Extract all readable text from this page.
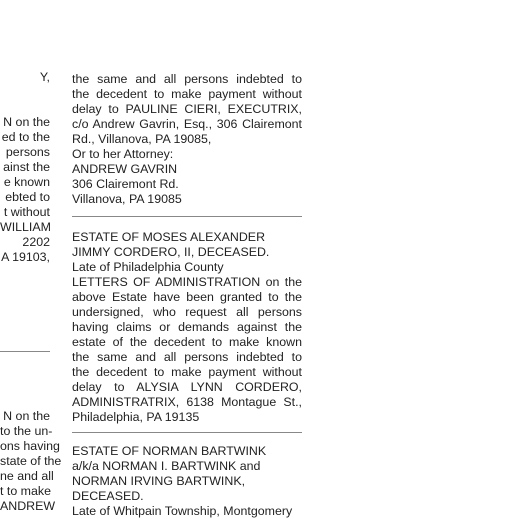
Y,

N on the
ed to the
persons
ainst the
e known
ebted to
t without
WILLIAM
2202
A 19103,
N on the
to the un-
ons having
state of the
ne and all
t to make
ANDREW
the same and all persons indebted to
the decedent to make payment without
delay to PAULINE CIERI, EXECUTRIX,
c/o Andrew Gavrin, Esq., 306 Clairemont
Rd., Villanova, PA 19085,
Or to her Attorney:
ANDREW GAVRIN
306 Clairemont Rd.
Villanova, PA 19085
ESTATE OF MOSES ALEXANDER
JIMMY CORDERO, II, DECEASED.
Late of Philadelphia County
LETTERS OF ADMINISTRATION on the
above Estate have been granted to the
undersigned, who request all persons
having claims or demands against the
estate of the decedent to make known
the same and all persons indebted to
the decedent to make payment without
delay to ALYSIA LYNN CORDERO,
ADMINISTRATRIX, 6138 Montague St.,
Philadelphia, PA 19135
ESTATE OF NORMAN BARTWINK
a/k/a NORMAN I. BARTWINK and
NORMAN IRVING BARTWINK,
DECEASED.
Late of Whitpain Township, Montgomery
